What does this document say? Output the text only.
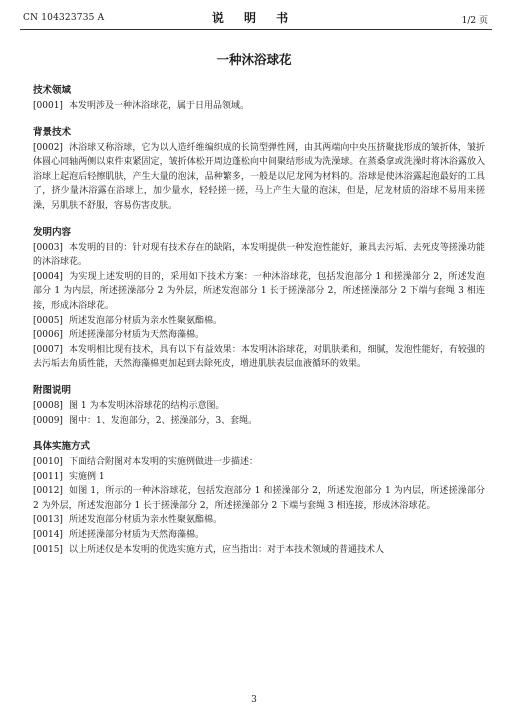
CN 104323735 A	说 明 书	1/2 页
一种沐浴球花
技术领域
[0001] 本发明涉及一种沐浴球花，属于日用品领域。
背景技术
[0002] 沐浴球又称浴球，它为以人造纤维编织成的长筒型弹性网，由其两端向中央压挤聚拢形成的皱折体，皱折体圆心同轴两侧以束件束紧固定，皱折体松开周边蓬松向中间聚结形成为洗澡球。在蒸桑拿或洗澡时将沐浴露放入浴球上起泡后轻擦肌肤，产生大量的泡沫，品种繁多，一般是以尼龙网为材料的。浴球是使沐浴露起泡最好的工具了，挤少量沐浴露在浴球上，加少量水，轻轻搓一搓，马上产生大量的泡沫，但是，尼龙材质的浴球不易用来搓澡，另肌肤不舒服，容易伤害皮肤。
发明内容
[0003] 本发明的目的：针对现有技术存在的缺陷，本发明提供一种发泡性能好，兼具去污垢、去死皮等搓澡功能的沐浴球花。
[0004] 为实现上述发明的目的，采用如下技术方案：一种沐浴球花，包括发泡部分 1 和搓澡部分 2，所述发泡部分 1 为内层，所述搓澡部分 2 为外层，所述发泡部分 1 长于搓澡部分 2，所述搓澡部分 2 下端与套绳 3 相连接，形成沐浴球花。
[0005] 所述发泡部分材质为亲水性聚氨酯棉。
[0006] 所述搓澡部分材质为天然海藻棉。
[0007] 本发明相比现有技术，具有以下有益效果：本发明沐浴球花，对肌肤柔和，细腻，发泡性能好，有较强的去污垢去角质性能，天然海藻棉更加起到去除死皮，增进肌肤表层血液循环的效果。
附图说明
[0008] 图 1 为本发明沐浴球花的结构示意图。
[0009] 图中：1、发泡部分，2、搓澡部分，3、套绳。
具体实施方式
[0010] 下面结合附图对本发明的实施例做进一步描述：
[0011] 实施例 1
[0012] 如图 1，所示的一种沐浴球花，包括发泡部分 1 和搓澡部分 2，所述发泡部分 1 为内层，所述搓澡部分 2 为外层，所述发泡部分 1 长于搓澡部分 2，所述搓澡部分 2 下端与套绳 3 相连接，形成沐浴球花。
[0013] 所述发泡部分材质为亲水性聚氨酯棉。
[0014] 所述搓澡部分材质为天然海藻棉。
[0015] 以上所述仅是本发明的优选实施方式，应当指出：对于本技术领域的普通技术人
3
